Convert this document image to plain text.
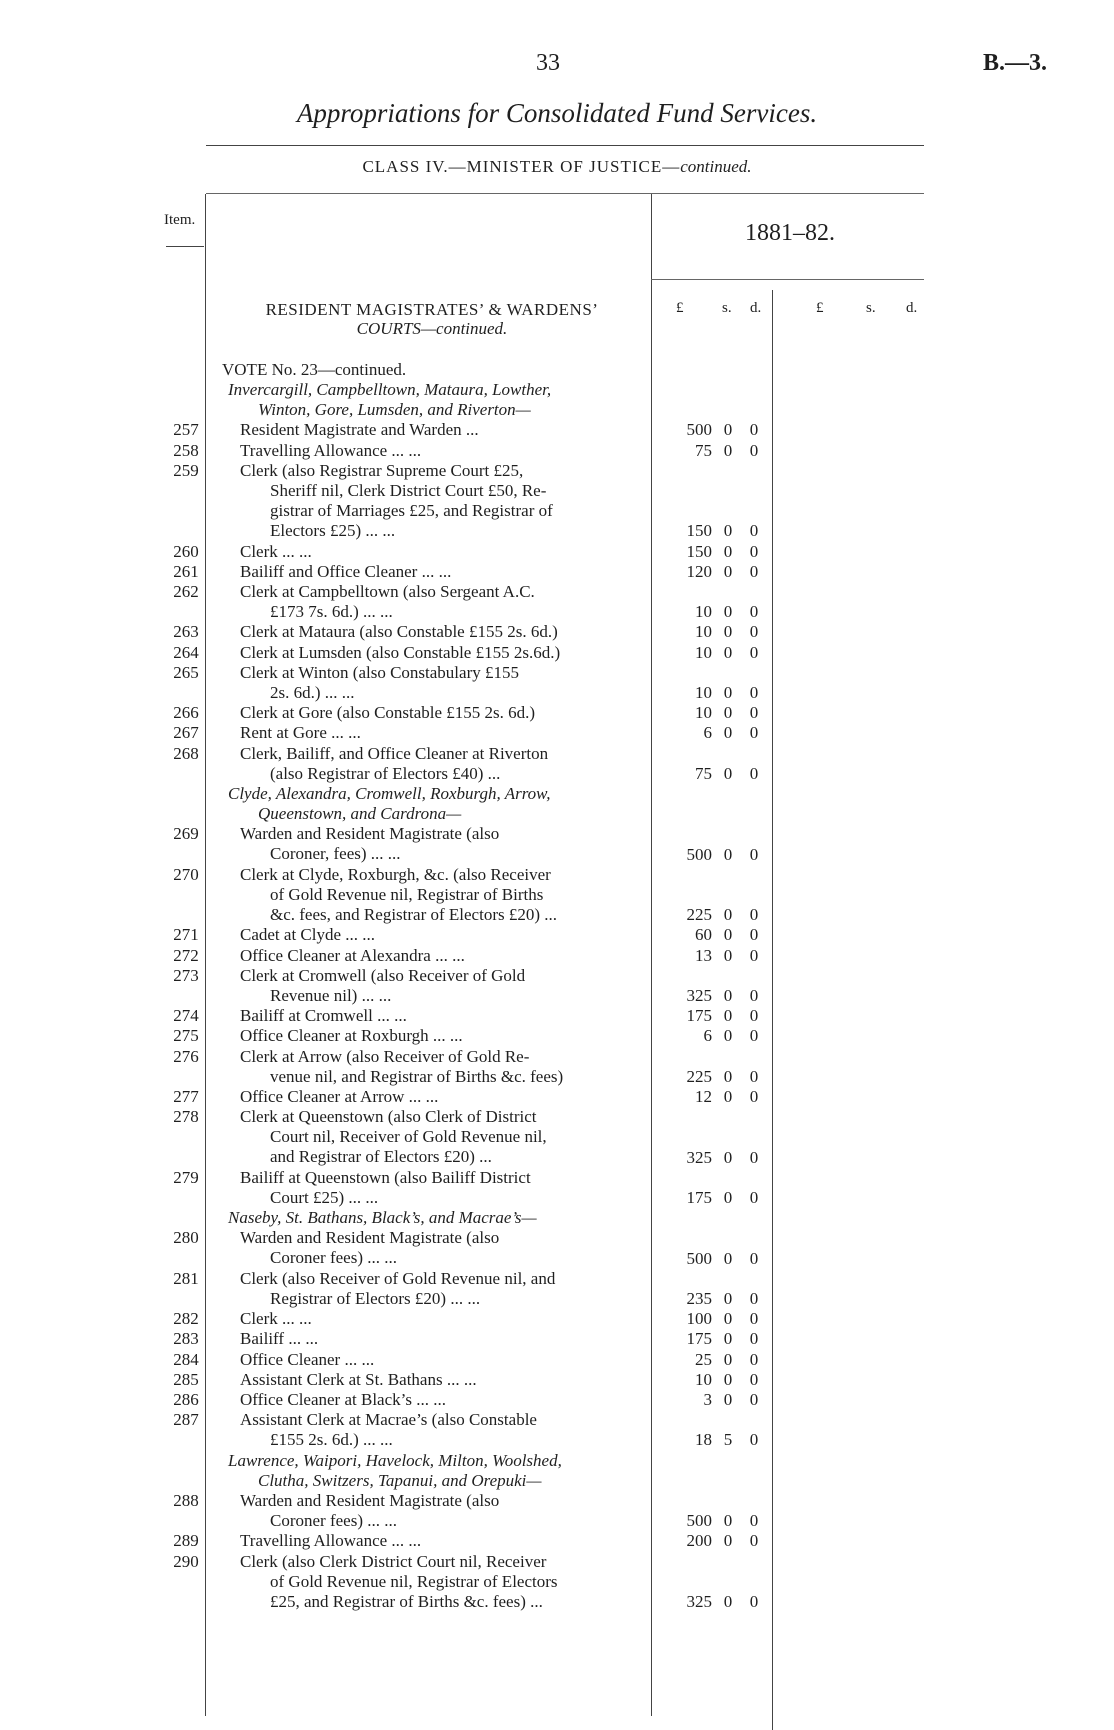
33	B.—3.
Appropriations for Consolidated Fund Services.
CLASS IV.—MINISTER OF JUSTICE—continued.
Item.	1881–82.
£	s. d.	£	s. d.
RESIDENT MAGISTRATES’ & WARDENS’
COURTS—continued.
VOTE No. 23—continued.
Invercargill, Campbelltown, Mataura, Lowther,
Winton, Gore, Lumsden, and Riverton—
257	Resident Magistrate and Warden ...	500 0 0
258	Travelling Allowance ... ...	75 0 0
259	Clerk (also Registrar Supreme Court £25,
Sheriff nil, Clerk District Court £50, Re-
gistrar of Marriages £25, and Registrar of
Electors £25) ... ...	150 0 0
260	Clerk ... ...	150 0 0
261	Bailiff and Office Cleaner ... ...	120 0 0
262	Clerk at Campbelltown (also Sergeant A.C.
£173 7s. 6d.) ... ...	10 0 0
263	Clerk at Mataura (also Constable £155 2s. 6d.)	10 0 0
264	Clerk at Lumsden (also Constable £155 2s.6d.)	10 0 0
265	Clerk at Winton (also Constabulary £155
2s. 6d.) ... ...	10 0 0
266	Clerk at Gore (also Constable £155 2s. 6d.)	10 0 0
267	Rent at Gore ... ...	6 0 0
268	Clerk, Bailiff, and Office Cleaner at Riverton
(also Registrar of Electors £40) ...	75 0 0
Clyde, Alexandra, Cromwell, Roxburgh, Arrow,
Queenstown, and Cardrona—
269	Warden and Resident Magistrate (also
Coroner, fees) ... ...	500 0 0
270	Clerk at Clyde, Roxburgh, &c. (also Receiver
of Gold Revenue nil, Registrar of Births
&c. fees, and Registrar of Electors £20) ...	225 0 0
271	Cadet at Clyde ... ...	60 0 0
272	Office Cleaner at Alexandra ... ...	13 0 0
273	Clerk at Cromwell (also Receiver of Gold
Revenue nil) ... ...	325 0 0
274	Bailiff at Cromwell ... ...	175 0 0
275	Office Cleaner at Roxburgh ... ...	6 0 0
276	Clerk at Arrow (also Receiver of Gold Re-
venue nil, and Registrar of Births &c. fees)	225 0 0
277	Office Cleaner at Arrow ... ...	12 0 0
278	Clerk at Queenstown (also Clerk of District
Court nil, Receiver of Gold Revenue nil,
and Registrar of Electors £20) ...	325 0 0
279	Bailiff at Queenstown (also Bailiff District
Court £25) ... ...	175 0 0
Naseby, St. Bathans, Black’s, and Macrae’s—
280	Warden and Resident Magistrate (also
Coroner fees) ... ...	500 0 0
281	Clerk (also Receiver of Gold Revenue nil, and
Registrar of Electors £20) ... ...	235 0 0
282	Clerk ... ...	100 0 0
283	Bailiff ... ...	175 0 0
284	Office Cleaner ... ...	25 0 0
285	Assistant Clerk at St. Bathans ... ...	10 0 0
286	Office Cleaner at Black’s ... ...	3 0 0
287	Assistant Clerk at Macrae’s (also Constable
£155 2s. 6d.) ... ...	18 5 0
Lawrence, Waipori, Havelock, Milton, Woolshed,
Clutha, Switzers, Tapanui, and Orepuki—
288	Warden and Resident Magistrate (also
Coroner fees) ... ...	500 0 0
289	Travelling Allowance ... ...	200 0 0
290	Clerk (also Clerk District Court nil, Receiver
of Gold Revenue nil, Registrar of Electors
£25, and Registrar of Births &c. fees) ...	325 0 0
